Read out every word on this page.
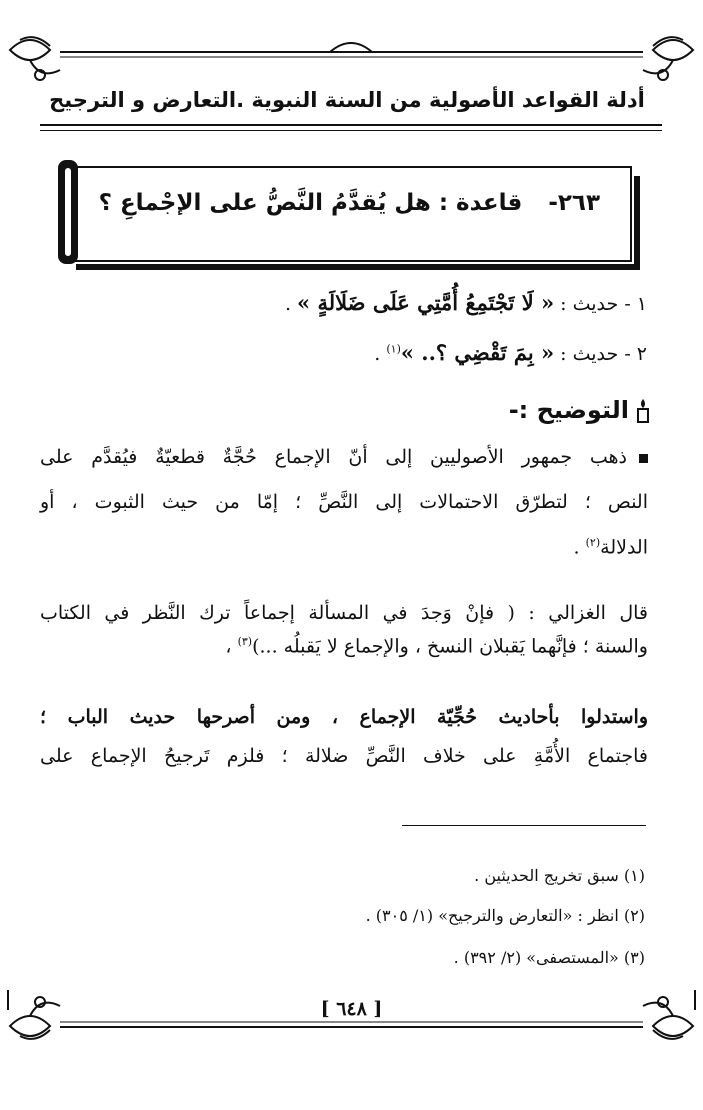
أدلة القواعد الأصولية من السنة النبوية .التعارض و الترجيح
٢٦٣- قاعدة : هل يُقدَّمُ النَّصُّ على الإجْماعِ ؟
١ - حديث : « لَا تَجْتَمِعُ أُمَّتِي عَلَى ضَلَالَةٍ » .
٢ - حديث : « بِمَ تَقْضِي ؟.. »$^{(١)}$ .
التوضيح :-
ذهب جمهور الأصوليين إلى أنّ الإجماع حُجَّةٌ قطعيّةٌ فيُقدَّم على
النص ؛ لتطرّق الاحتمالات إلى النَّصِّ ؛ إمّا من حيث الثبوت ، أو
الدلالة$^{(٢)}$ .
قال الغزالي : ( فإنْ وَجدَ في المسألة إجماعاً ترك النَّظر في الكتاب
والسنة ؛ فإنَّهما يَقبلان النسخ ، والإجماع لا يَقبلُه ...)$^{(٣)}$ ،
واستدلوا بأحاديث حُجِّيّة الإجماع ، ومن أصرحها حديث الباب ؛
فاجتماع الأُمَّةِ على خلاف النَّصِّ ضلالة ؛ فلزم تَرجيحُ الإجماع على
(١) سبق تخريج الحديثين .
(٢) انظر : «التعارض والترجيح» (١/ ٣٠٥) .
(٣) «المستصفى» (٢/ ٣٩٢) .
[ ٦٤٨ ]
